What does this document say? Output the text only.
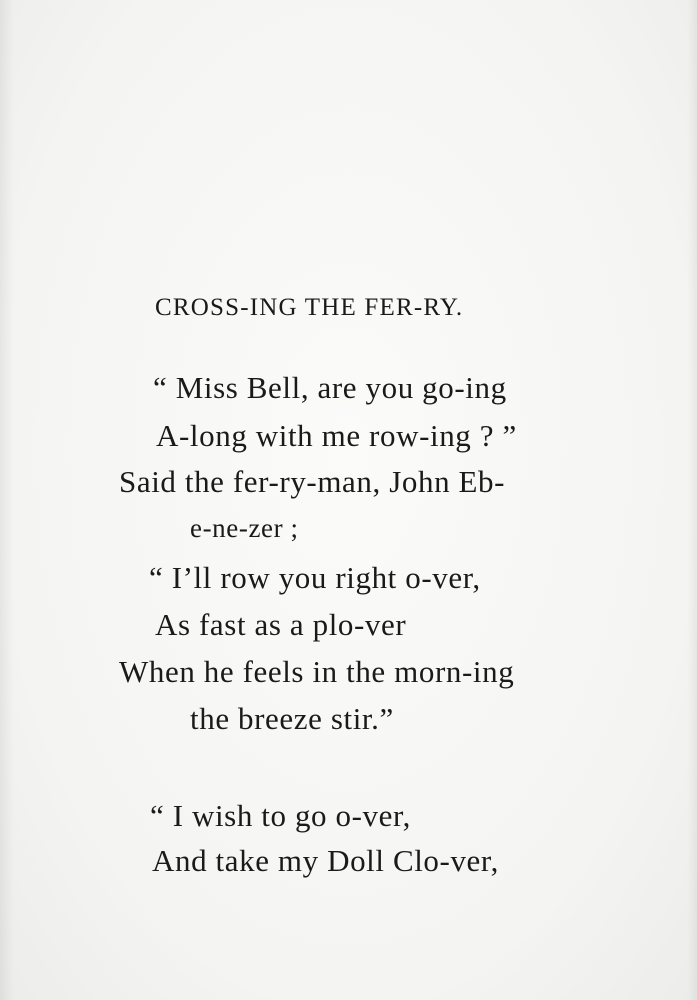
CROSS-ING THE FER-RY.
“ Miss Bell, are you go-ing
A-long with me row-ing ? ”
Said the fer-ry-man, John Eb-
e-ne-zer ;
“ I’ll row you right o-ver,
As fast as a plo-ver
When he feels in the morn-ing
the breeze stir.”
“ I wish to go o-ver,
And take my Doll Clo-ver,
